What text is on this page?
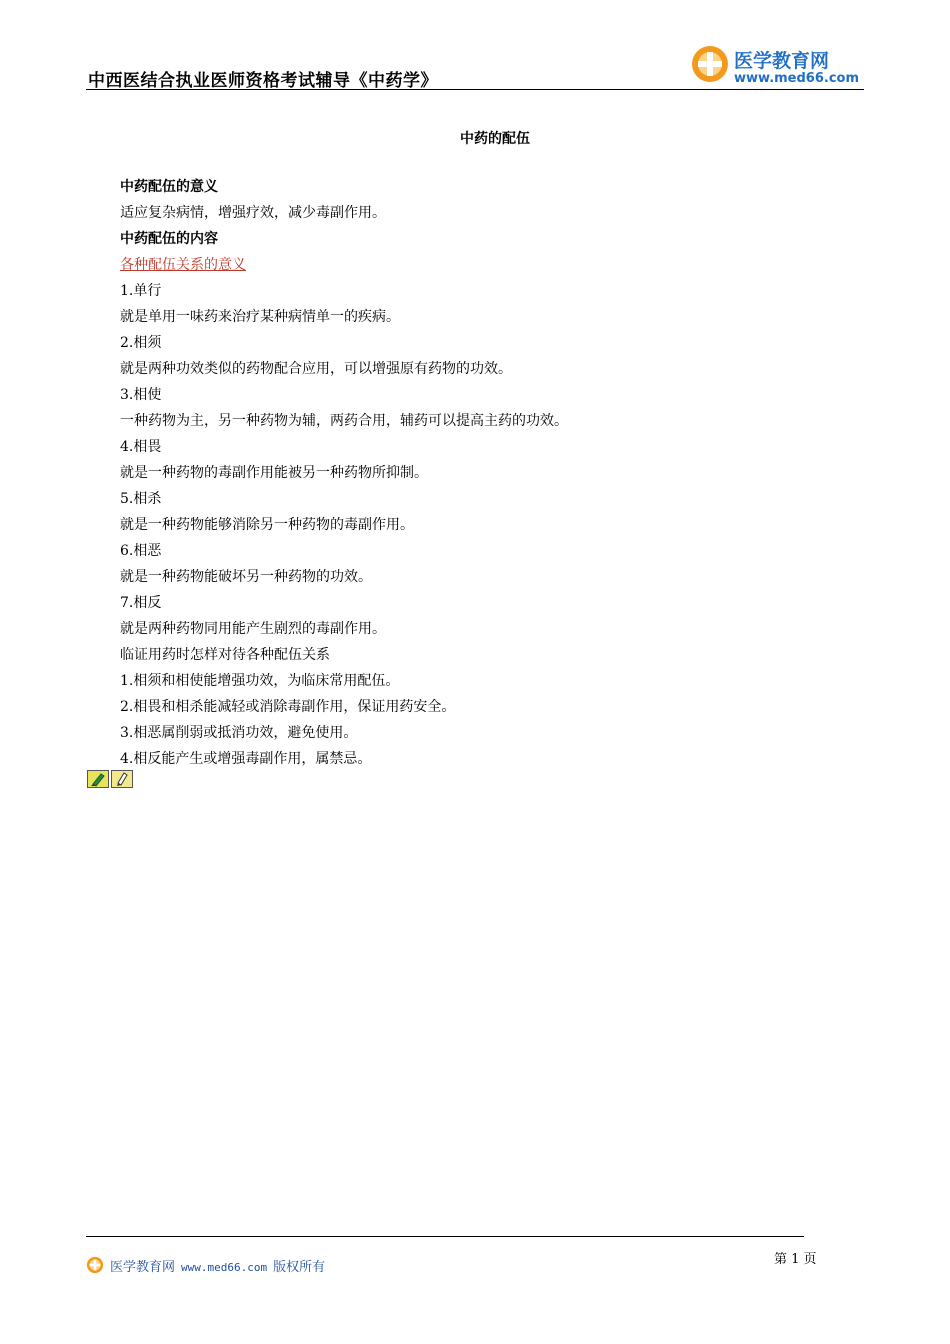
中西医结合执业医师资格考试辅导《中药学》
医学教育网
www.med66.com
中药的配伍
中药配伍的意义
适应复杂病情，增强疗效，减少毒副作用。
中药配伍的内容
各种配伍关系的意义
1.单行
就是单用一味药来治疗某种病情单一的疾病。
2.相须
就是两种功效类似的药物配合应用，可以增强原有药物的功效。
3.相使
一种药物为主，另一种药物为辅，两药合用，辅药可以提高主药的功效。
4.相畏
就是一种药物的毒副作用能被另一种药物所抑制。
5.相杀
就是一种药物能够消除另一种药物的毒副作用。
6.相恶
就是一种药物能破坏另一种药物的功效。
7.相反
就是两种药物同用能产生剧烈的毒副作用。
临证用药时怎样对待各种配伍关系
1.相须和相使能增强功效，为临床常用配伍。
2.相畏和相杀能减轻或消除毒副作用，保证用药安全。
3.相恶属削弱或抵消功效，避免使用。
4.相反能产生或增强毒副作用，属禁忌。
第 1 页
医学教育网 www.med66.com 版权所有
